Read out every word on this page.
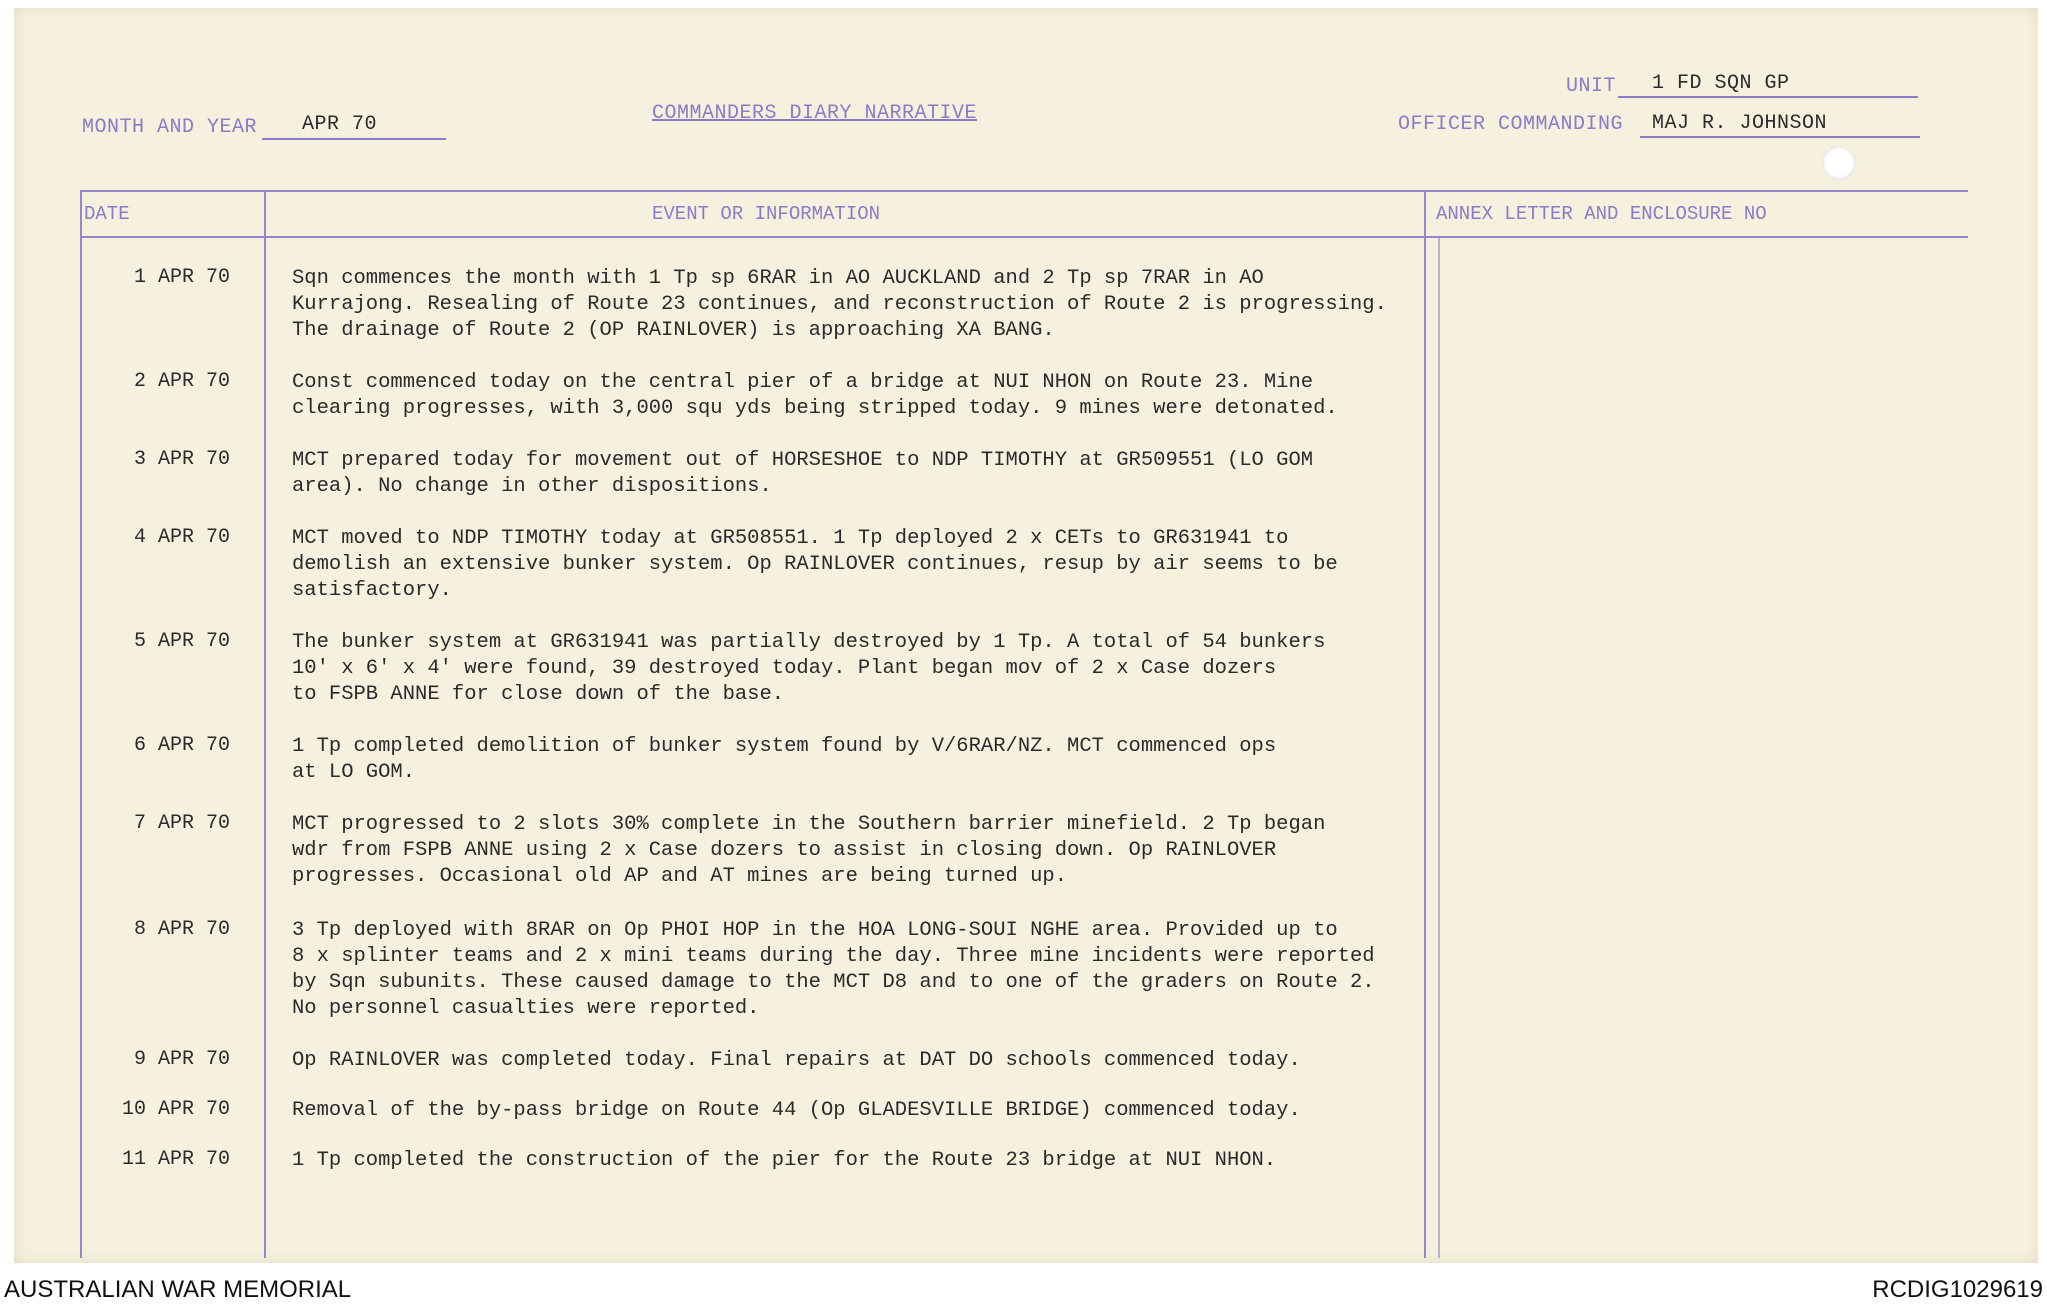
MONTH AND YEAR APR 70	COMMANDERS DIARY NARRATIVE
UNIT 1 FD SQN GP
OFFICER COMMANDING MAJ R. JOHNSON
DATE	EVENT OR INFORMATION	ANNEX LETTER AND ENCLOSURE NO
1 APR 70	Sqn commences the month with 1 Tp sp 6RAR in AO AUCKLAND and 2 Tp sp 7RAR in AO
Kurrajong. Resealing of Route 23 continues, and reconstruction of Route 2 is progressing.
The drainage of Route 2 (OP RAINLOVER) is approaching XA BANG.
2 APR 70	Const commenced today on the central pier of a bridge at NUI NHON on Route 23. Mine
clearing progresses, with 3,000 squ yds being stripped today. 9 mines were detonated.
3 APR 70	MCT prepared today for movement out of HORSESHOE to NDP TIMOTHY at GR509551 (LO GOM
area). No change in other dispositions.
4 APR 70	MCT moved to NDP TIMOTHY today at GR508551. 1 Tp deployed 2 x CETs to GR631941 to
demolish an extensive bunker system. Op RAINLOVER continues, resup by air seems to be
satisfactory.
5 APR 70	The bunker system at GR631941 was partially destroyed by 1 Tp. A total of 54 bunkers
10' x 6' x 4' were found, 39 destroyed today. Plant began mov of 2 x Case dozers
to FSPB ANNE for close down of the base.
6 APR 70	1 Tp completed demolition of bunker system found by V/6RAR/NZ. MCT commenced ops
at LO GOM.
7 APR 70	MCT progressed to 2 slots 30% complete in the Southern barrier minefield. 2 Tp began
wdr from FSPB ANNE using 2 x Case dozers to assist in closing down. Op RAINLOVER
progresses. Occasional old AP and AT mines are being turned up.
8 APR 70	3 Tp deployed with 8RAR on Op PHOI HOP in the HOA LONG-SOUI NGHE area. Provided up to
8 x splinter teams and 2 x mini teams during the day. Three mine incidents were reported
by Sqn subunits. These caused damage to the MCT D8 and to one of the graders on Route 2.
No personnel casualties were reported.
9 APR 70	Op RAINLOVER was completed today. Final repairs at DAT DO schools commenced today.
10 APR 70	Removal of the by-pass bridge on Route 44 (Op GLADESVILLE BRIDGE) commenced today.
11 APR 70	1 Tp completed the construction of the pier for the Route 23 bridge at NUI NHON.
AUSTRALIAN WAR MEMORIAL	RCDIG1029619
